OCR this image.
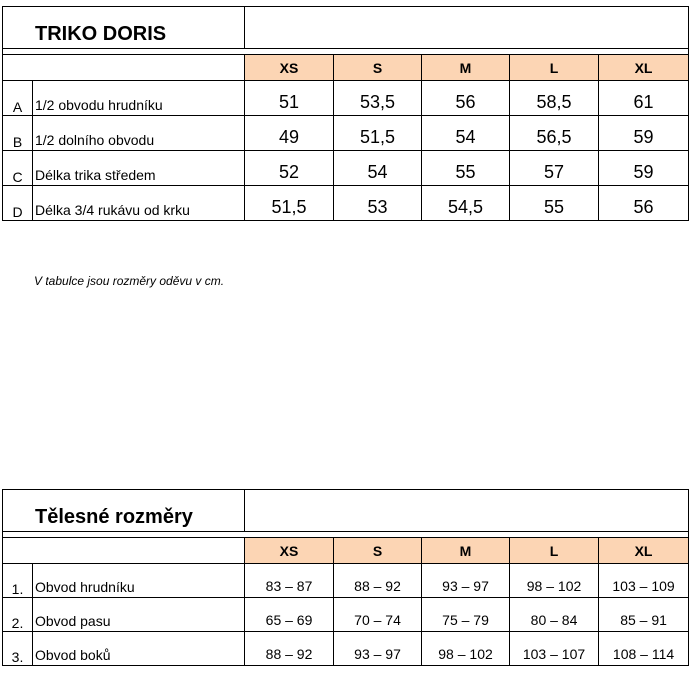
TRIKO DORIS						

		XS	S	M	L	XL
A	1/2 obvodu hrudníku	51	53,5	56	58,5	61
B	1/2 dolního obvodu	49	51,5	54	56,5	59
C	Délka trika středem	52	54	55	57	59
D	Délka 3/4 rukávu od krku	51,5	53	54,5	55	56
V tabulce jsou rozměry oděvu v cm.
Tělesné rozměry						

		XS	S	M	L	XL
1.	Obvod hrudníku	83 – 87	88 – 92	93 – 97	98 – 102	103 – 109
2.	Obvod pasu	65 – 69	70 – 74	75 – 79	80 – 84	85 – 91
3.	Obvod boků	88 – 92	93 – 97	98 – 102	103 – 107	108 – 114
